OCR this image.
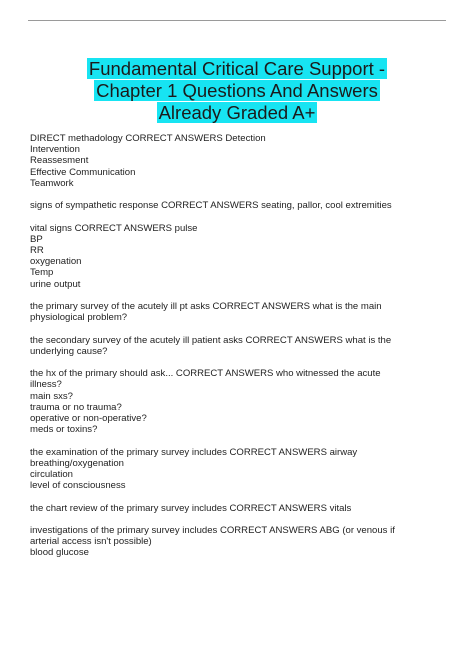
Fundamental Critical Care Support -
Chapter 1 Questions And Answers
Already Graded A+
DIRECT methadology CORRECT ANSWERS Detection
Intervention
Reassesment
Effective Communication
Teamwork
signs of sympathetic response CORRECT ANSWERS seating, pallor, cool extremities
vital signs CORRECT ANSWERS pulse
BP
RR
oxygenation
Temp
urine output
the primary survey of the acutely ill pt asks CORRECT ANSWERS what is the main
physiological problem?
the secondary survey of the acutely ill patient asks CORRECT ANSWERS what is the
underlying cause?
the hx of the primary should ask... CORRECT ANSWERS who witnessed the acute
illness?
main sxs?
trauma or no trauma?
operative or non-operative?
meds or toxins?
the examination of the primary survey includes CORRECT ANSWERS airway
breathing/oxygenation
circulation
level of consciousness
the chart review of the primary survey includes CORRECT ANSWERS vitals
investigations of the primary survey includes CORRECT ANSWERS ABG (or venous if
arterial access isn't possible)
blood glucose
